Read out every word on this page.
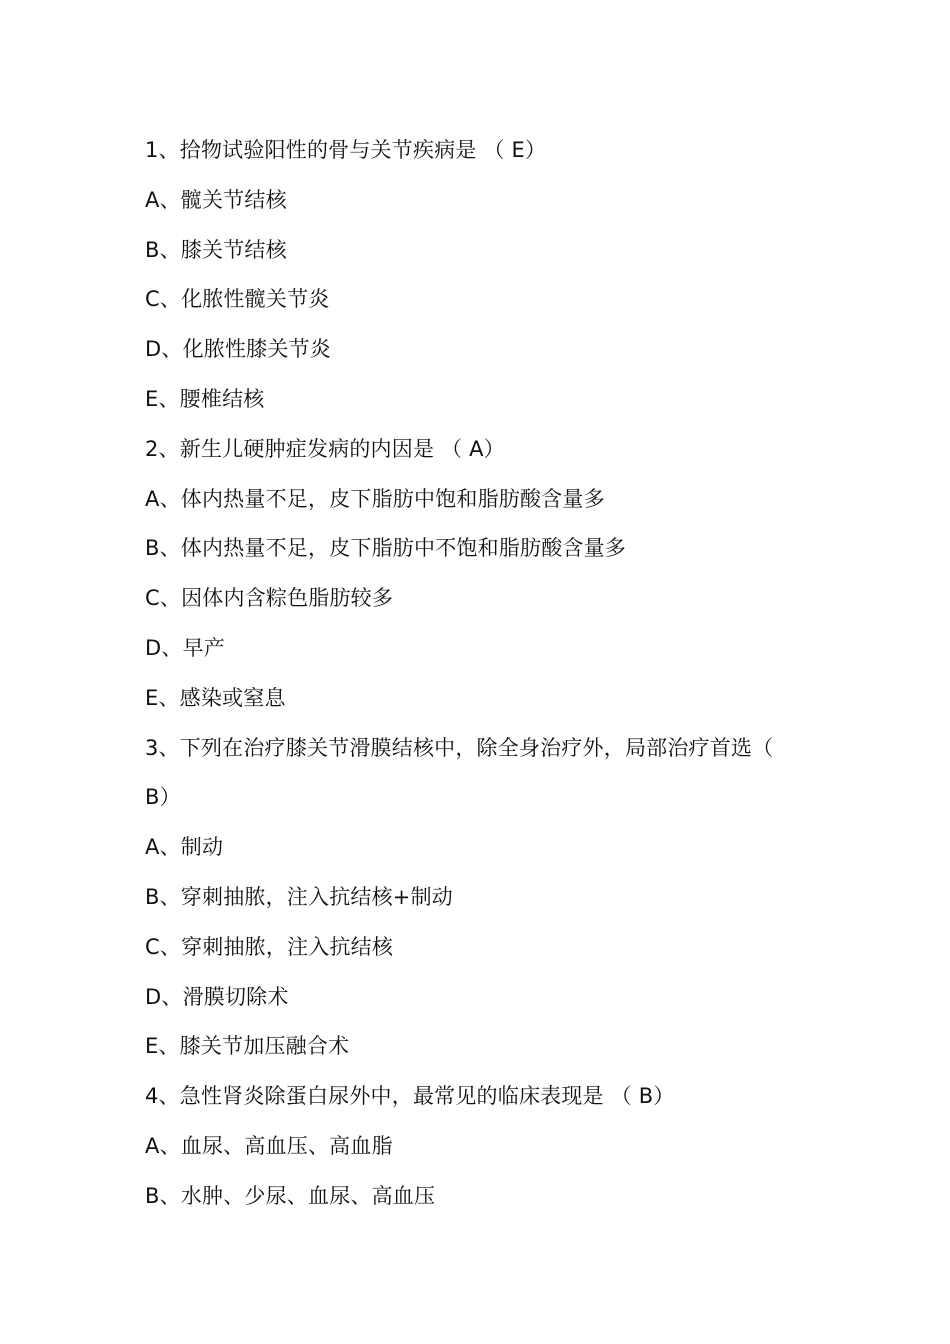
1、拾物试验阳性的骨与关节疾病是 （ E）
A、髋关节结核
B、膝关节结核
C、化脓性髋关节炎
D、化脓性膝关节炎
E、腰椎结核
2、新生儿硬肿症发病的内因是 （ A）
A、体内热量不足，皮下脂肪中饱和脂肪酸含量多
B、体内热量不足，皮下脂肪中不饱和脂肪酸含量多
C、因体内含粽色脂肪较多
D、早产
E、感染或窒息
3、下列在治疗膝关节滑膜结核中，除全身治疗外，局部治疗首选（
B）
A、制动
B、穿刺抽脓，注入抗结核+制动
C、穿刺抽脓，注入抗结核
D、滑膜切除术
E、膝关节加压融合术
4、急性肾炎除蛋白尿外中，最常见的临床表现是 （ B）
A、血尿、高血压、高血脂
B、水肿、少尿、血尿、高血压
